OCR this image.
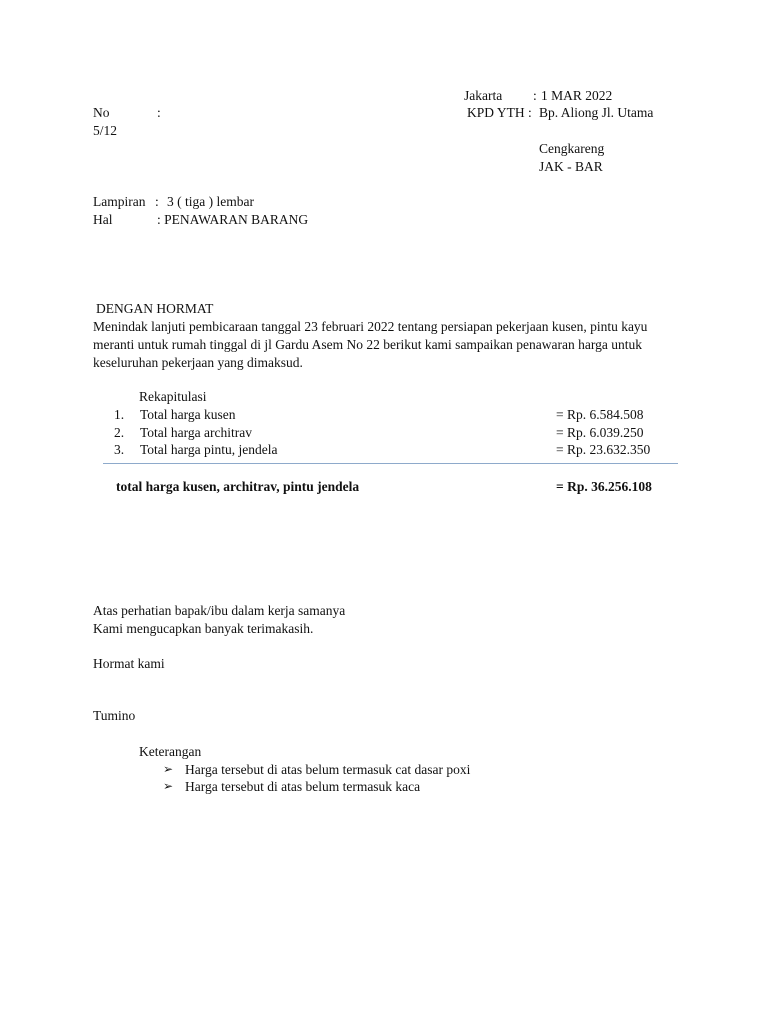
Jakarta : 1 MAR 2022
KPD YTH : Bp. Aliong Jl. Utama
Cengkareng
JAK - BAR
No	:
5/12
Lampiran : 3 ( tiga ) lembar
Hal	: PENAWARAN BARANG
DENGAN HORMAT
Menindak lanjuti pembicaraan tanggal 23 februari 2022 tentang persiapan pekerjaan kusen, pintu kayu meranti untuk rumah tinggal di jl Gardu Asem No 22 berikut kami sampaikan penawaran harga untuk keseluruhan pekerjaan yang dimaksud.
Rekapitulasi
1. Total harga kusen	= Rp. 6.584.508
2. Total harga architrav	= Rp. 6.039.250
3. Total harga pintu, jendela	= Rp. 23.632.350
total harga kusen, architrav, pintu jendela	= Rp. 36.256.108
Atas perhatian bapak/ibu dalam kerja samanya
Kami mengucapkan banyak terimakasih.
Hormat kami
Tumino
Keterangan
➢ Harga tersebut di atas belum termasuk cat dasar poxi
➢ Harga tersebut di atas belum termasuk kaca
